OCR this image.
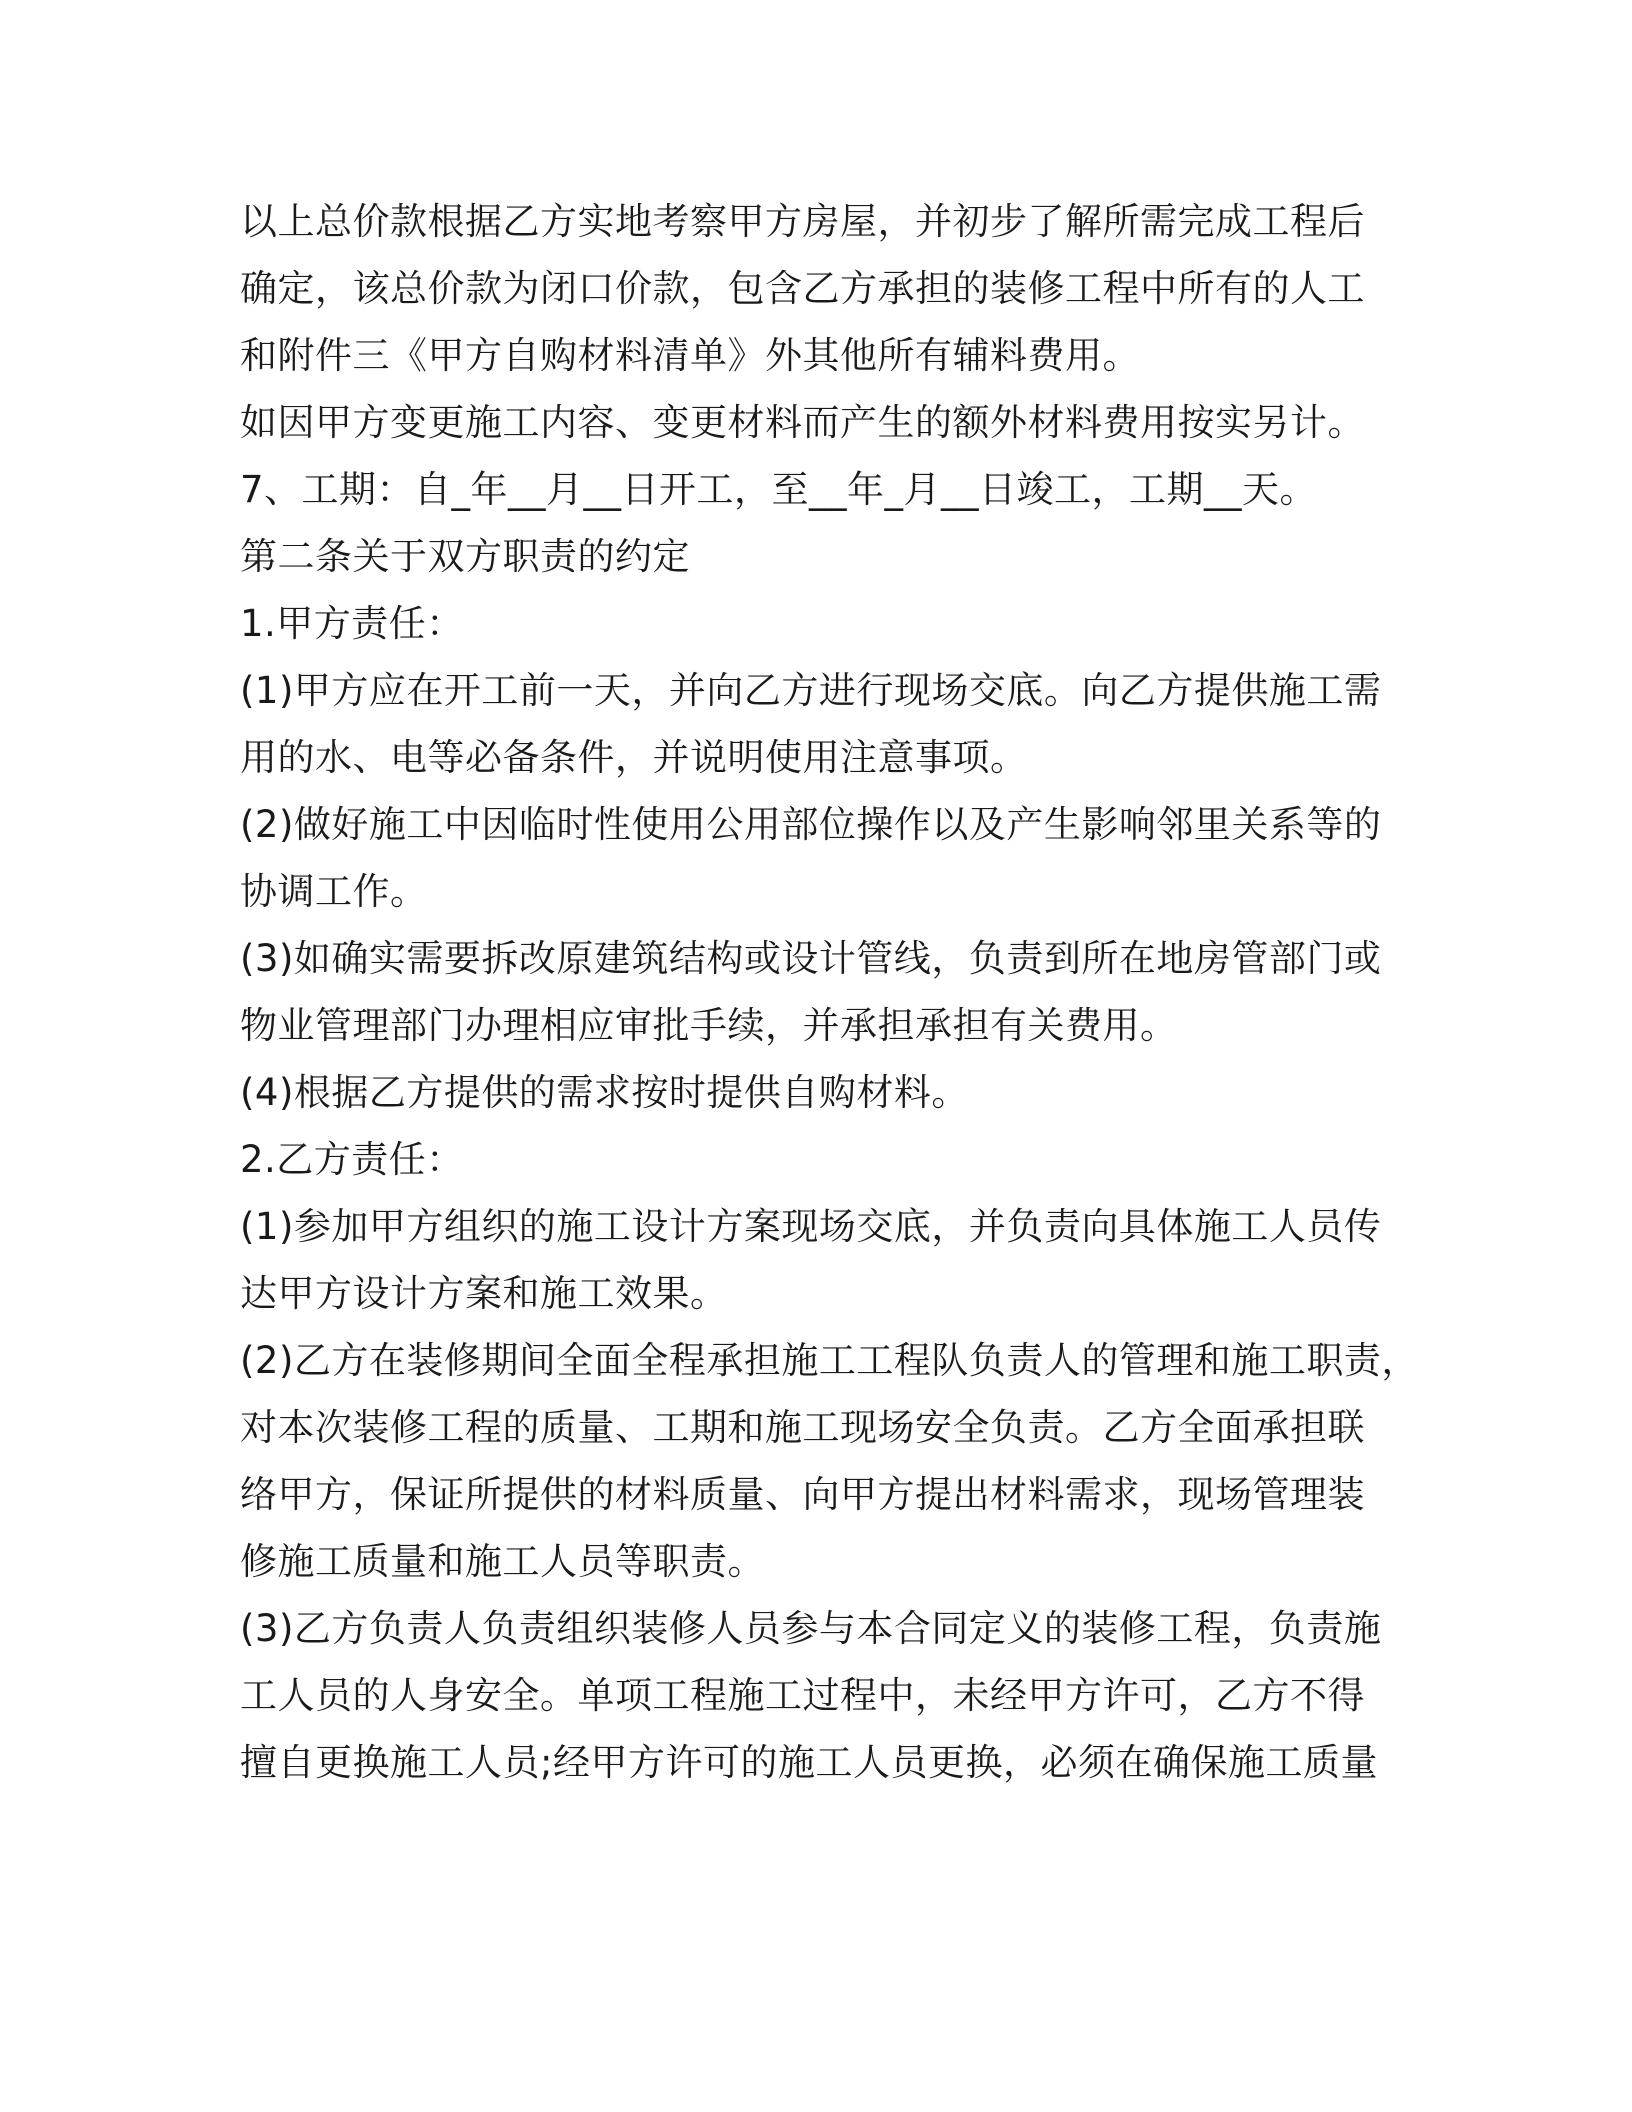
以上总价款根据乙方实地考察甲方房屋，并初步了解所需完成工程后
确定，该总价款为闭口价款，包含乙方承担的装修工程中所有的人工
和附件三《甲方自购材料清单》外其他所有辅料费用。
如因甲方变更施工内容、变更材料而产生的额外材料费用按实另计。
7、工期：自_年__月__日开工，至__年_月__日竣工，工期__天。
第二条关于双方职责的约定
1.甲方责任：
(1)甲方应在开工前一天，并向乙方进行现场交底。向乙方提供施工需
用的水、电等必备条件，并说明使用注意事项。
(2)做好施工中因临时性使用公用部位操作以及产生影响邻里关系等的
协调工作。
(3)如确实需要拆改原建筑结构或设计管线，负责到所在地房管部门或
物业管理部门办理相应审批手续，并承担承担有关费用。
(4)根据乙方提供的需求按时提供自购材料。
2.乙方责任：
(1)参加甲方组织的施工设计方案现场交底，并负责向具体施工人员传
达甲方设计方案和施工效果。
(2)乙方在装修期间全面全程承担施工工程队负责人的管理和施工职责，
对本次装修工程的质量、工期和施工现场安全负责。乙方全面承担联
络甲方，保证所提供的材料质量、向甲方提出材料需求，现场管理装
修施工质量和施工人员等职责。
(3)乙方负责人负责组织装修人员参与本合同定义的装修工程，负责施
工人员的人身安全。单项工程施工过程中，未经甲方许可，乙方不得
擅自更换施工人员;经甲方许可的施工人员更换，必须在确保施工质量
